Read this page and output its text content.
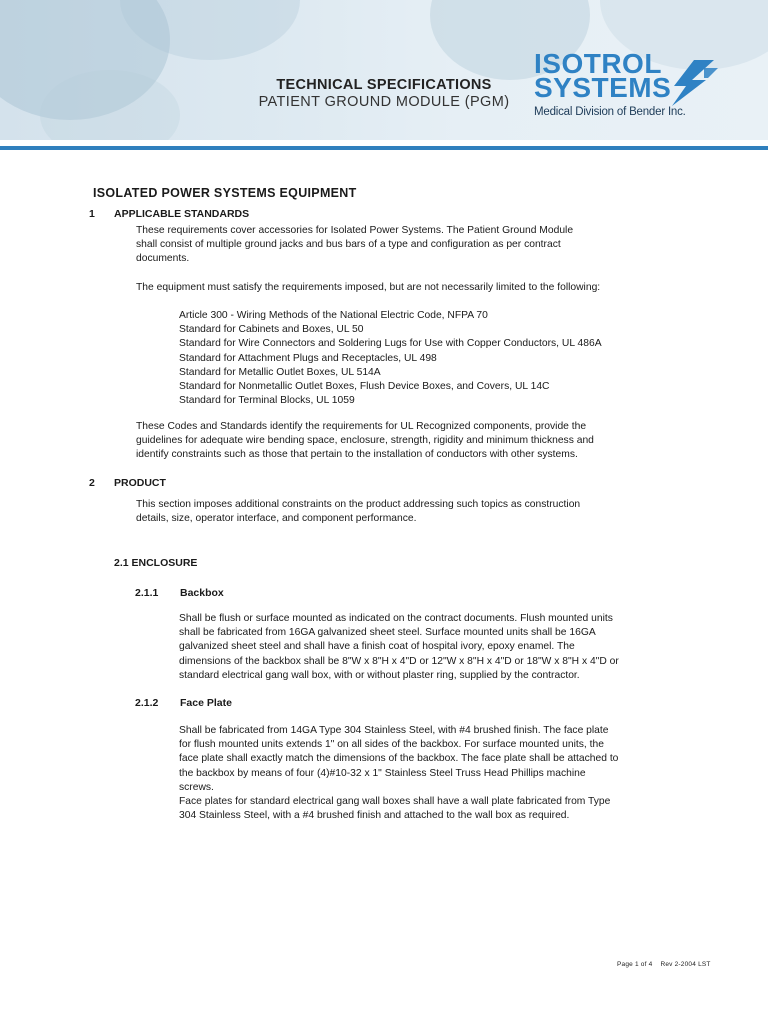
TECHNICAL SPECIFICATIONS
PATIENT GROUND MODULE (PGM)
ISOTROL
SYSTEMS
Medical Division of Bender Inc.
ISOLATED POWER SYSTEMS EQUIPMENT
1 APPLICABLE STANDARDS
These requirements cover accessories for Isolated Power Systems. The Patient Ground Module
shall consist of multiple ground jacks and bus bars of a type and configuration as per contract
documents.
The equipment must satisfy the requirements imposed, but are not necessarily limited to the following:
Article 300 - Wiring Methods of the National Electric Code, NFPA 70
Standard for Cabinets and Boxes, UL 50
Standard for Wire Connectors and Soldering Lugs for Use with Copper Conductors, UL 486A
Standard for Attachment Plugs and Receptacles, UL 498
Standard for Metallic Outlet Boxes, UL 514A
Standard for Nonmetallic Outlet Boxes, Flush Device Boxes, and Covers, UL 14C
Standard for Terminal Blocks, UL 1059
These Codes and Standards identify the requirements for UL Recognized components, provide the
guidelines for adequate wire bending space, enclosure, strength, rigidity and minimum thickness and
identify constraints such as those that pertain to the installation of conductors with other systems.
2 PRODUCT
This section imposes additional constraints on the product addressing such topics as construction
details, size, operator interface, and component performance.
2.1 ENCLOSURE
2.1.1 Backbox
Shall be flush or surface mounted as indicated on the contract documents. Flush mounted units
shall be fabricated from 16GA galvanized sheet steel. Surface mounted units shall be 16GA
galvanized sheet steel and shall have a finish coat of hospital ivory, epoxy enamel. The
dimensions of the backbox shall be 8"W x 8"H x 4"D or 12"W x 8"H x 4"D or 18"W x 8"H x 4"D or
standard electrical gang wall box, with or without plaster ring, supplied by the contractor.
2.1.2 Face Plate
Shall be fabricated from 14GA Type 304 Stainless Steel, with #4 brushed finish. The face plate
for flush mounted units extends 1" on all sides of the backbox. For surface mounted units, the
face plate shall exactly match the dimensions of the backbox. The face plate shall be attached to
the backbox by means of four (4)#10-32 x 1" Stainless Steel Truss Head Phillips machine
screws.
Face plates for standard electrical gang wall boxes shall have a wall plate fabricated from Type
304 Stainless Steel, with a #4 brushed finish and attached to the wall box as required.
Page 1 of 4 Rev 2-2004 LST
